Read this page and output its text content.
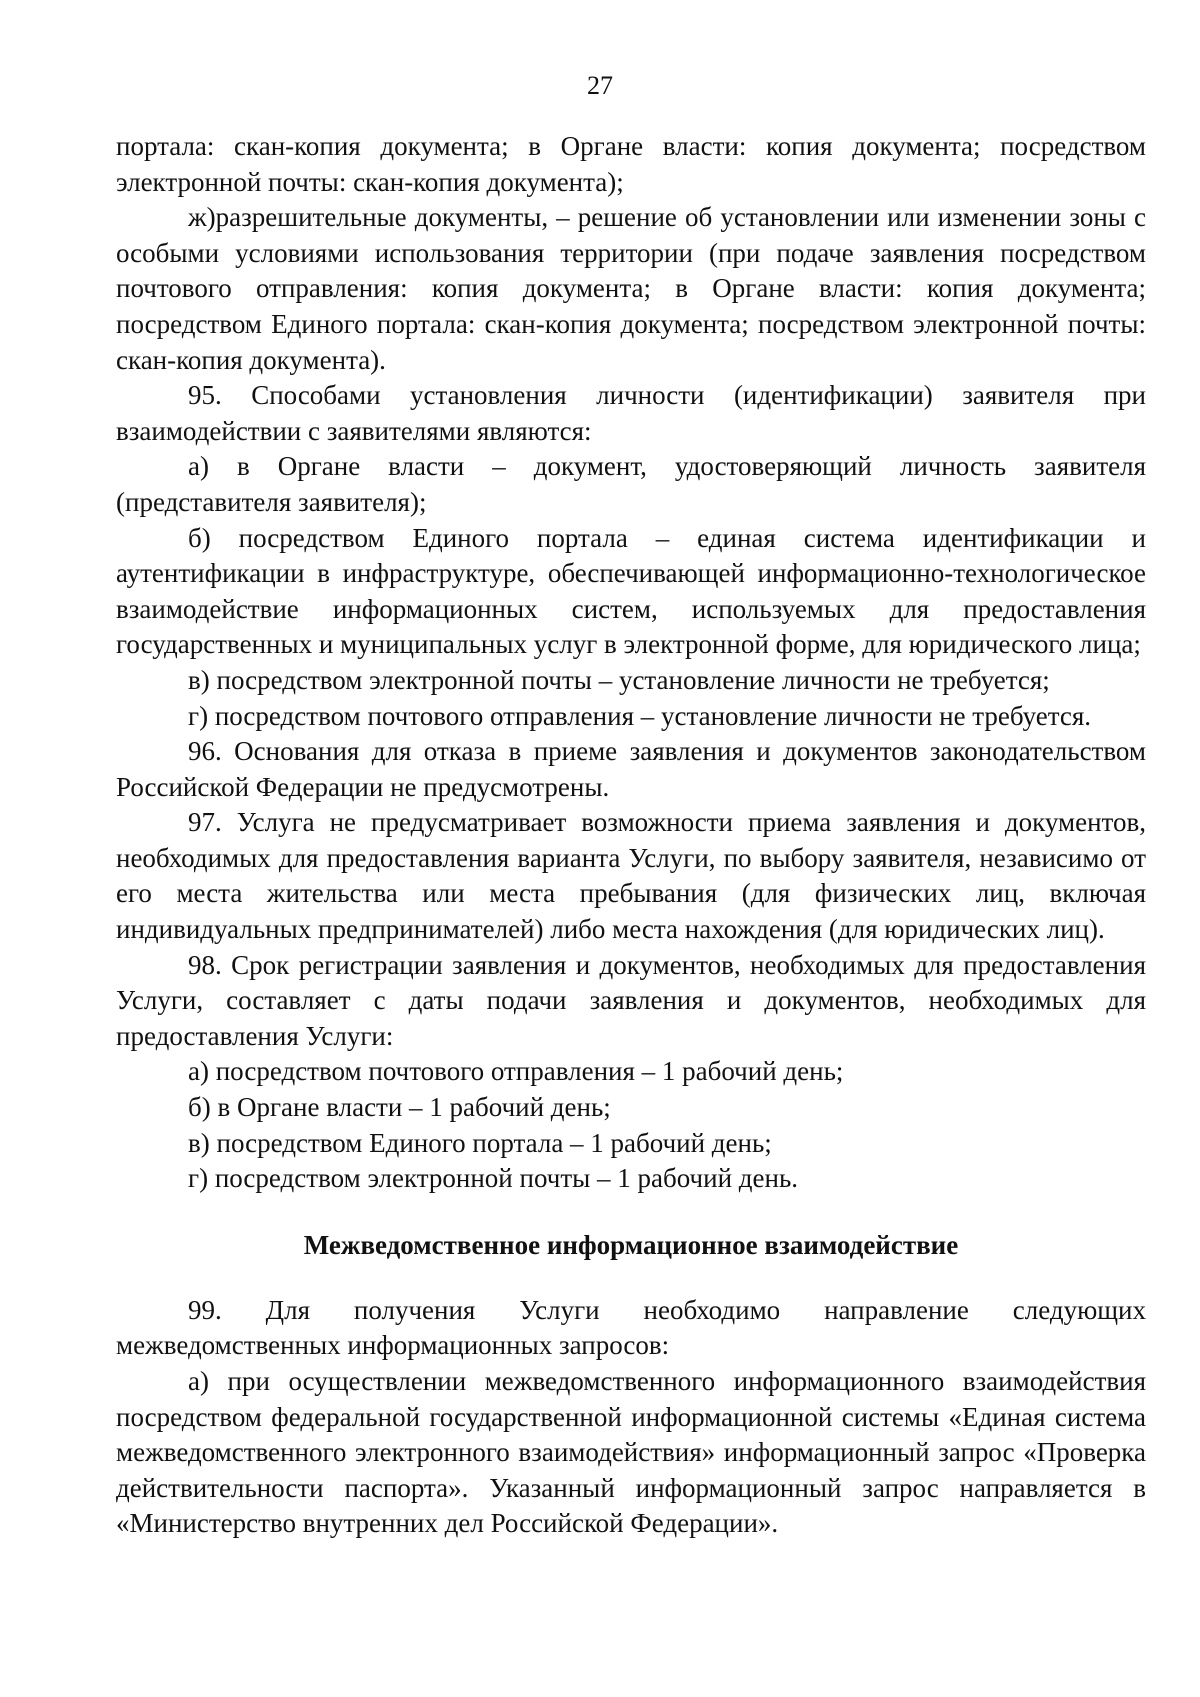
27

портала: скан-копия документа; в Органе власти: копия документа; посредством электронной почты: скан-копия документа);

ж)разрешительные документы, – решение об установлении или изменении зоны с особыми условиями использования территории (при подаче заявления посредством почтового отправления: копия документа; в Органе власти: копия документа; посредством Единого портала: скан-копия документа; посредством электронной почты: скан-копия документа).

95. Способами установления личности (идентификации) заявителя при взаимодействии с заявителями являются:

а) в Органе власти – документ, удостоверяющий личность заявителя (представителя заявителя);

б) посредством Единого портала – единая система идентификации и аутентификации в инфраструктуре, обеспечивающей информационно-технологическое взаимодействие информационных систем, используемых для предоставления государственных и муниципальных услуг в электронной форме, для юридического лица;

в) посредством электронной почты – установление личности не требуется;

г) посредством почтового отправления – установление личности не требуется.

96. Основания для отказа в приеме заявления и документов законодательством Российской Федерации не предусмотрены.

97. Услуга не предусматривает возможности приема заявления и документов, необходимых для предоставления варианта Услуги, по выбору заявителя, независимо от его места жительства или места пребывания (для физических лиц, включая индивидуальных предпринимателей) либо места нахождения (для юридических лиц).

98. Срок регистрации заявления и документов, необходимых для предоставления Услуги, составляет с даты подачи заявления и документов, необходимых для предоставления Услуги:

а) посредством почтового отправления – 1 рабочий день;

б) в Органе власти – 1 рабочий день;

в) посредством Единого портала – 1 рабочий день;

г) посредством электронной почты – 1 рабочий день.

Межведомственное информационное взаимодействие

99. Для получения Услуги необходимо направление следующих межведомственных информационных запросов:

а) при осуществлении межведомственного информационного взаимодействия посредством федеральной государственной информационной системы «Единая система межведомственного электронного взаимодействия» информационный запрос «Проверка действительности паспорта». Указанный информационный запрос направляется в «Министерство внутренних дел Российской Федерации».
